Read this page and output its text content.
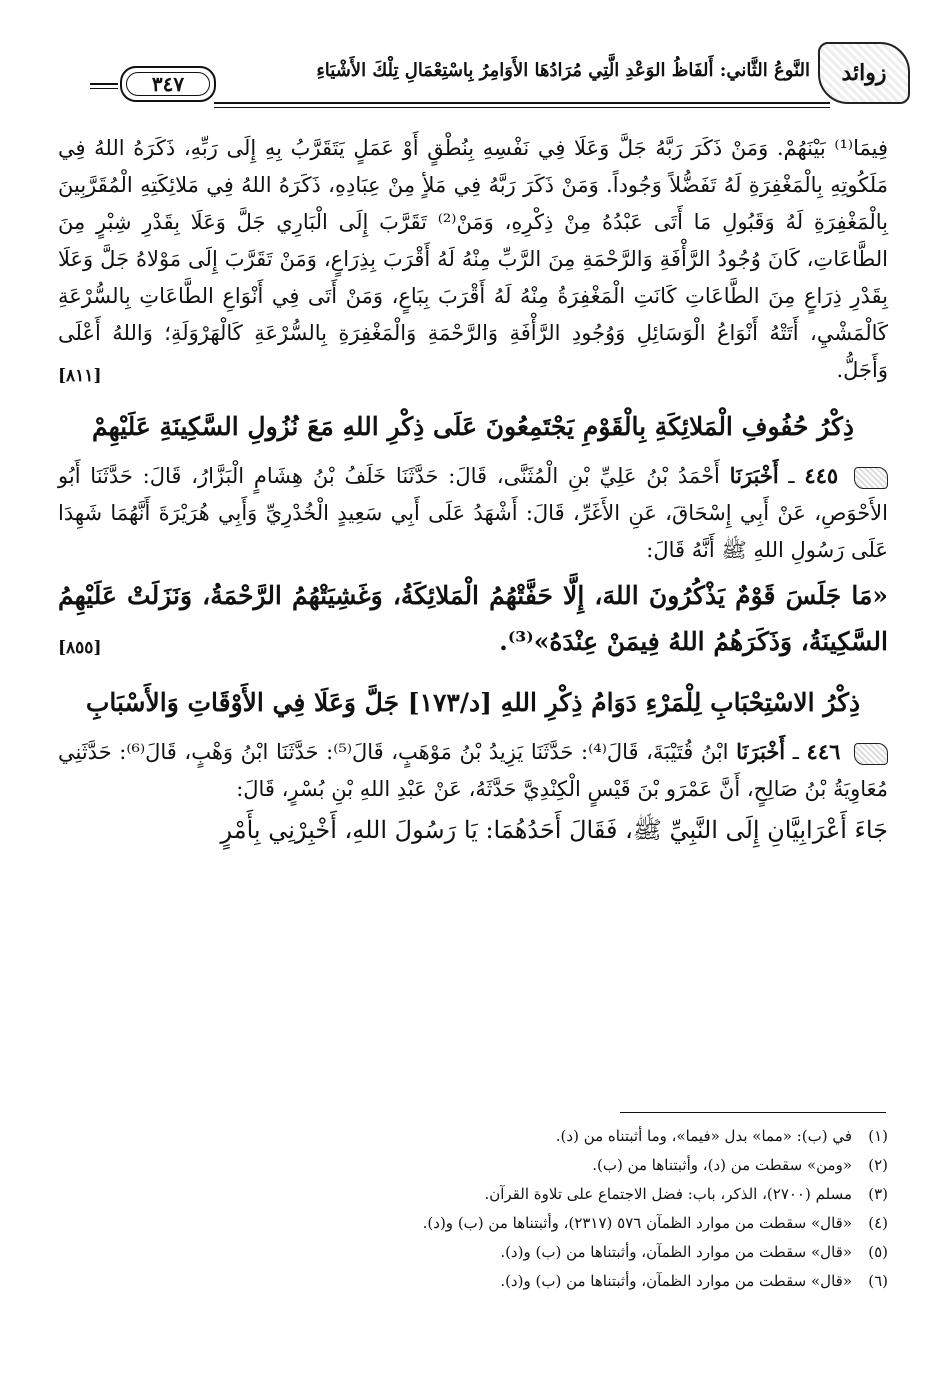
زوائد
النَّوعُ الثَّاني: أَلفَاظُ الوَعْدِ الَّتِي مُرَادُهَا الأَوَامِرُ بِاسْتِعْمَالِ تِلْكَ الأَشْيَاءِ
٣٤٧

فِيمَا⁽¹⁾ بَيْنَهُمْ. وَمَنْ ذَكَرَ رَبَّهُ جَلَّ وَعَلَا فِي نَفْسِهِ بِنُطْقٍ أَوْ عَمَلٍ يَتَقَرَّبُ بِهِ إِلَى رَبِّهِ، ذَكَرَهُ اللهُ فِي مَلَكُوتِهِ بِالْمَغْفِرَةِ لَهُ تَفَضُّلاً وَجُوداً. وَمَنْ ذَكَرَ رَبَّهُ فِي مَلأٍ مِنْ عِبَادِهِ، ذَكَرَهُ اللهُ فِي مَلائِكَتِهِ الْمُقَرَّبِينَ بِالْمَغْفِرَةِ لَهُ وَقَبُولِ مَا أَتَى عَبْدُهُ مِنْ ذِكْرِهِ، وَمَنْ⁽²⁾ تَقَرَّبَ إِلَى الْبَارِي جَلَّ وَعَلَا بِقَدْرِ شِبْرٍ مِنَ الطَّاعَاتِ، كَانَ وُجُودُ الرَّأْفَةِ وَالرَّحْمَةِ مِنَ الرَّبِّ مِنْهُ لَهُ أَقْرَبَ بِذِرَاعٍ، وَمَنْ تَقَرَّبَ إِلَى مَوْلاهُ جَلَّ وَعَلَا بِقَدْرِ ذِرَاعٍ مِنَ الطَّاعَاتِ كَانَتِ الْمَغْفِرَةُ مِنْهُ لَهُ أَقْرَبَ بِبَاعٍ، وَمَنْ أَتَى فِي أَنْوَاعِ الطَّاعَاتِ بِالسُّرْعَةِ كَالْمَشْيِ، أَتَتْهُ أَنْوَاعُ الْوَسَائِلِ وَوُجُودِ الرَّأْفَةِ وَالرَّحْمَةِ وَالْمَغْفِرَةِ بِالسُّرْعَةِ كَالْهَرْوَلَةِ؛ وَاللهُ أَعْلَى وَأَجَلُّ.
[٨١١]

ذِكْرُ حُفُوفِ الْمَلائِكَةِ بِالْقَوْمِ يَجْتَمِعُونَ عَلَى ذِكْرِ اللهِ مَعَ نُزُولِ السَّكِينَةِ عَلَيْهِمْ

٤٤٥ ـ أَخْبَرَنَا أَحْمَدُ بْنُ عَلِيِّ بْنِ الْمُثَنَّى، قَالَ: حَدَّثَنَا خَلَفُ بْنُ هِشَامٍ الْبَزَّارُ، قَالَ: حَدَّثَنَا أَبُو الأَحْوَصِ، عَنْ أَبِي إِسْحَاقَ، عَنِ الأَغَرِّ، قَالَ: أَشْهَدُ عَلَى أَبِي سَعِيدٍ الْخُدْرِيِّ وَأَبِي هُرَيْرَةَ أَنَّهُمَا شَهِدَا عَلَى رَسُولِ اللهِ ﷺ أَنَّهُ قَالَ:

«مَا جَلَسَ قَوْمٌ يَذْكُرُونَ اللهَ، إِلَّا حَفَّتْهُمُ الْمَلائِكَةُ، وَغَشِيَتْهُمُ الرَّحْمَةُ، وَنَزَلَتْ عَلَيْهِمُ السَّكِينَةُ، وَذَكَرَهُمُ اللهُ فِيمَنْ عِنْدَهُ»⁽³⁾.
[٨٥٥]

ذِكْرُ الاسْتِحْبَابِ لِلْمَرْءِ دَوَامُ ذِكْرِ اللهِ [د/١٧٣] جَلَّ وَعَلَا فِي الأَوْقَاتِ وَالأَسْبَابِ

٤٤٦ ـ أَخْبَرَنَا ابْنُ قُتَيْبَةَ، قَالَ⁽⁴⁾: حَدَّثَنَا يَزِيدُ بْنُ مَوْهَبٍ، قَالَ⁽⁵⁾: حَدَّثَنَا ابْنُ وَهْبٍ، قَالَ⁽⁶⁾: حَدَّثَنِي مُعَاوِيَةُ بْنُ صَالِحٍ، أَنَّ عَمْرَو بْنَ قَيْسٍ الْكِنْدِيَّ حَدَّثَهُ، عَنْ عَبْدِ اللهِ بْنِ بُسْرٍ، قَالَ:

جَاءَ أَعْرَابِيَّانِ إِلَى النَّبِيِّ ﷺ، فَقَالَ أَحَدُهُمَا: يَا رَسُولَ اللهِ، أَخْبِرْنِي بِأَمْرٍ

(١)في (ب): «مما» بدل «فيما»، وما أثبتناه من (د).
(٢)«ومن» سقطت من (د)، وأثبتناها من (ب).
(٣)مسلم (٢٧٠٠)، الذكر، باب: فضل الاجتماع على تلاوة القرآن.
(٤)«قال» سقطت من موارد الظمآن ٥٧٦ (٢٣١٧)، وأثبتناها من (ب) و(د).
(٥)«قال» سقطت من موارد الظمآن، وأثبتناها من (ب) و(د).
(٦)«قال» سقطت من موارد الظمآن، وأثبتناها من (ب) و(د).
